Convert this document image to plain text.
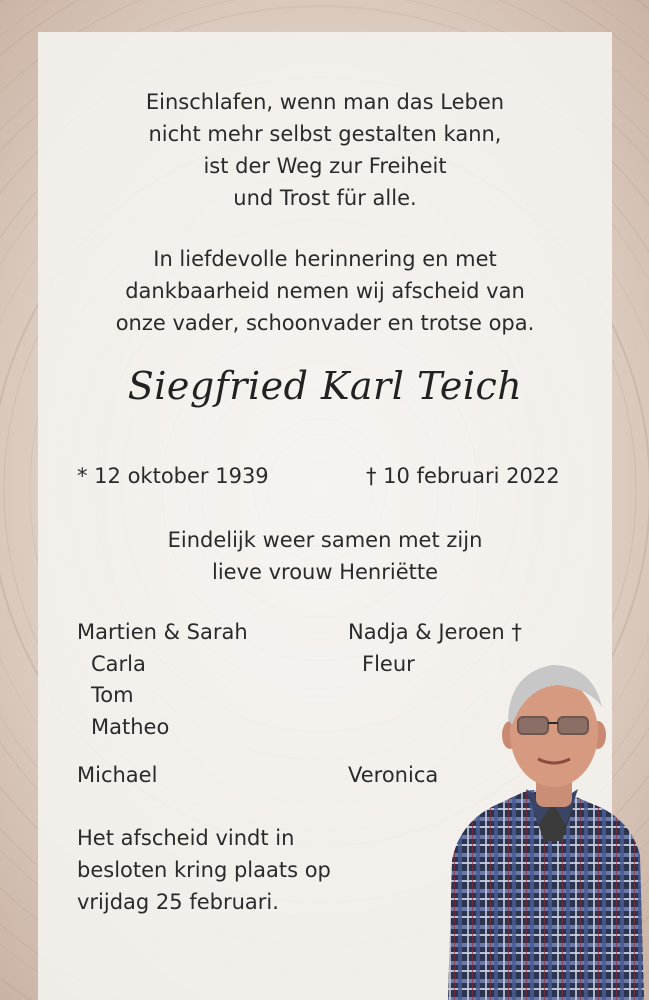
Einschlafen, wenn man das Leben
nicht mehr selbst gestalten kann,
ist der Weg zur Freiheit
und Trost für alle.
In liefdevolle herinnering en met
dankbaarheid nemen wij afscheid van
onze vader, schoonvader en trotse opa.
Siegfried Karl Teich
* 12 oktober 1939	† 10 februari 2022
Eindelijk weer samen met zijn
lieve vrouw Henriëtte
Martien & Sarah
Carla
Tom
Matheo
Nadja & Jeroen †
Fleur
Michael	Veronica
Het afscheid vindt in
besloten kring plaats op
vrijdag 25 februari.
